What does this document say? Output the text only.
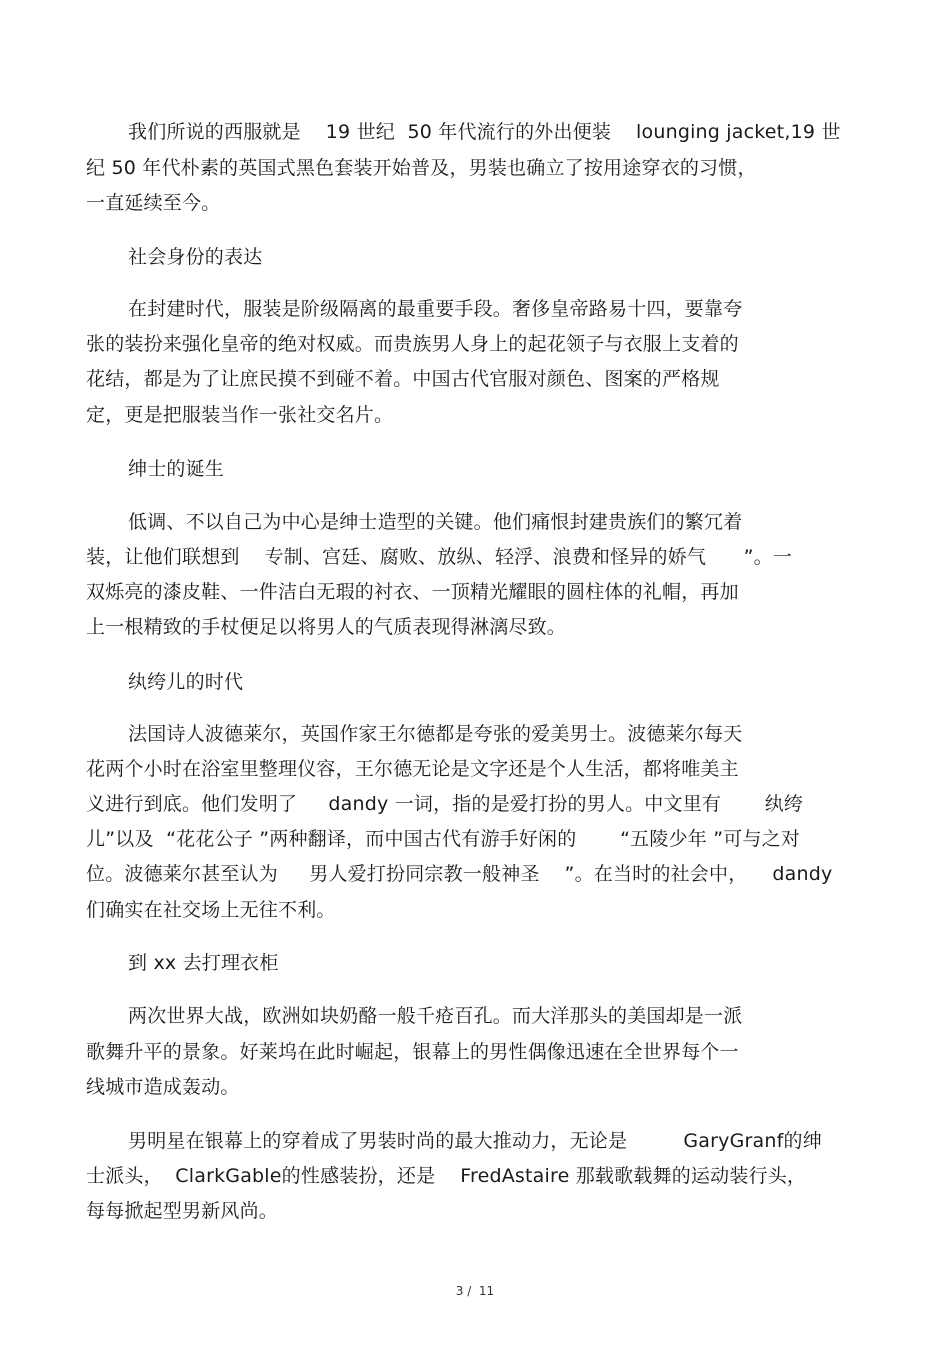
我们所说的西服就是    19 世纪  50 年代流行的外出便装    lounging jacket,19 世
纪 50 年代朴素的英国式黑色套装开始普及，男装也确立了按用途穿衣的习惯，
一直延续至今。
社会身份的表达
在封建时代，服装是阶级隔离的最重要手段。奢侈皇帝路易十四，要靠夸
张的装扮来强化皇帝的绝对权威。而贵族男人身上的起花领子与衣服上支着的
花结，都是为了让庶民摸不到碰不着。中国古代官服对颜色、图案的严格规
定，更是把服装当作一张社交名片。
绅士的诞生
低调、不以自己为中心是绅士造型的关键。他们痛恨封建贵族们的繁冗着
装，让他们联想到    专制、宫廷、腐败、放纵、轻浮、浪费和怪异的娇气      ”。一
双烁亮的漆皮鞋、一件洁白无瑕的衬衣、一顶精光耀眼的圆柱体的礼帽，再加
上一根精致的手杖便足以将男人的气质表现得淋漓尽致。
纨绔儿的时代
法国诗人波德莱尔，英国作家王尔德都是夸张的爱美男士。波德莱尔每天
花两个小时在浴室里整理仪容，王尔德无论是文字还是个人生活，都将唯美主
义进行到底。他们发明了     dandy 一词，指的是爱打扮的男人。中文里有       纨绔
儿”以及  “花花公子 ”两种翻译，而中国古代有游手好闲的       “五陵少年 ”可与之对
位。波德莱尔甚至认为     男人爱打扮同宗教一般神圣    ”。在当时的社会中，    dandy
们确实在社交场上无往不利。
到 xx 去打理衣柜
两次世界大战，欧洲如块奶酪一般千疮百孔。而大洋那头的美国却是一派
歌舞升平的景象。好莱坞在此时崛起，银幕上的男性偶像迅速在全世界每个一
线城市造成轰动。
男明星在银幕上的穿着成了男装时尚的最大推动力，无论是         GaryGranf的绅
士派头，  ClarkGable的性感装扮，还是    FredAstaire 那载歌载舞的运动装行头，
每每掀起型男新风尚。
3 /  11
